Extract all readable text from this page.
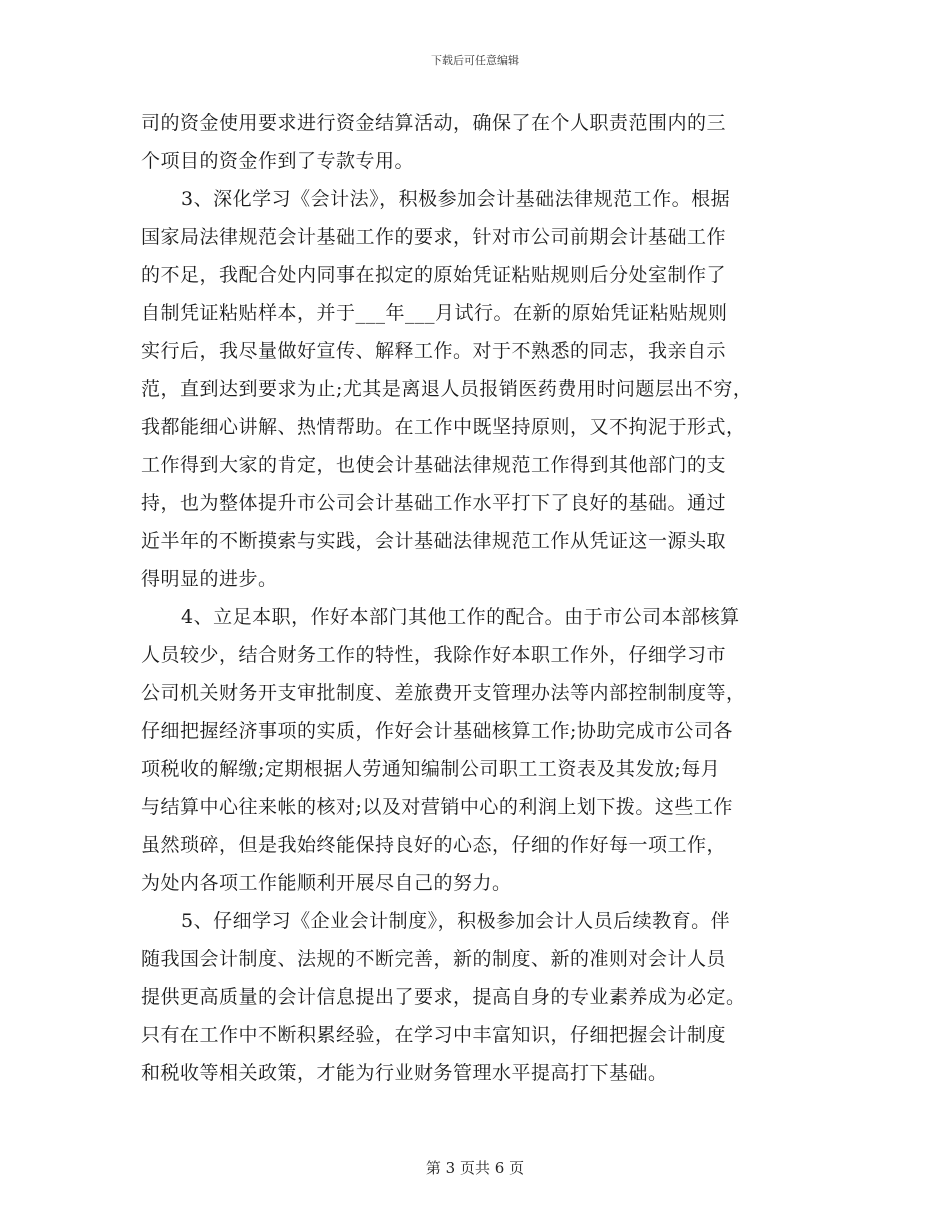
下载后可任意编辑
司的资金使用要求进行资金结算活动，确保了在个人职责范围内的三
个项目的资金作到了专款专用。
3、深化学习《会计法》，积极参加会计基础法律规范工作。根据
国家局法律规范会计基础工作的要求，针对市公司前期会计基础工作
的不足，我配合处内同事在拟定的原始凭证粘贴规则后分处室制作了
自制凭证粘贴样本，并于___年___月试行。在新的原始凭证粘贴规则
实行后，我尽量做好宣传、解释工作。对于不熟悉的同志，我亲自示
范，直到达到要求为止;尤其是离退人员报销医药费用时问题层出不穷，
我都能细心讲解、热情帮助。在工作中既坚持原则，又不拘泥于形式，
工作得到大家的肯定，也使会计基础法律规范工作得到其他部门的支
持，也为整体提升市公司会计基础工作水平打下了良好的基础。通过
近半年的不断摸索与实践，会计基础法律规范工作从凭证这一源头取
得明显的进步。
4、立足本职，作好本部门其他工作的配合。由于市公司本部核算
人员较少，结合财务工作的特性，我除作好本职工作外，仔细学习市
公司机关财务开支审批制度、差旅费开支管理办法等内部控制制度等，
仔细把握经济事项的实质，作好会计基础核算工作;协助完成市公司各
项税收的解缴;定期根据人劳通知编制公司职工工资表及其发放;每月
与结算中心往来帐的核对;以及对营销中心的利润上划下拨。这些工作
虽然琐碎，但是我始终能保持良好的心态，仔细的作好每一项工作，
为处内各项工作能顺利开展尽自己的努力。
5、仔细学习《企业会计制度》，积极参加会计人员后续教育。伴
随我国会计制度、法规的不断完善，新的制度、新的准则对会计人员
提供更高质量的会计信息提出了要求，提高自身的专业素养成为必定。
只有在工作中不断积累经验，在学习中丰富知识，仔细把握会计制度
和税收等相关政策，才能为行业财务管理水平提高打下基础。
第 3 页共 6 页
